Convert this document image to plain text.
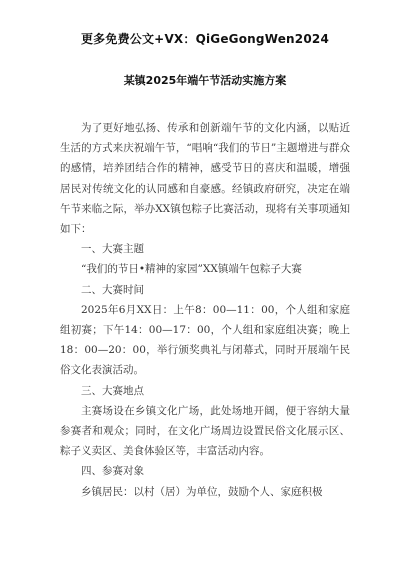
更多免费公文+VX：QiGeGongWen2024
某镇2025年端午节活动实施方案

为了更好地弘扬、传承和创新端午节的文化内涵，以贴近生活的方式来庆祝端午节，“唱响“我们的节日”主题增进与群众的感情，培养团结合作的精神，感受节日的喜庆和温暖，增强居民对传统文化的认同感和自豪感。经镇政府研究，决定在端午节来临之际，举办XX镇包粽子比赛活动，现将有关事项通知如下：

一、大赛主题

“我们的节日•精神的家园”XX镇端午包粽子大赛

二、大赛时间

2025年6月XX日：上午8：00—11：00，个人组和家庭组初赛；下午14：00—17：00，个人组和家庭组决赛；晚上18：00—20：00，举行颁奖典礼与闭幕式，同时开展端午民俗文化表演活动。

三、大赛地点

主赛场设在乡镇文化广场，此处场地开阔，便于容纳大量参赛者和观众；同时，在文化广场周边设置民俗文化展示区、粽子义卖区、美食体验区等，丰富活动内容。

四、参赛对象

乡镇居民：以村（居）为单位，鼓励个人、家庭积极
